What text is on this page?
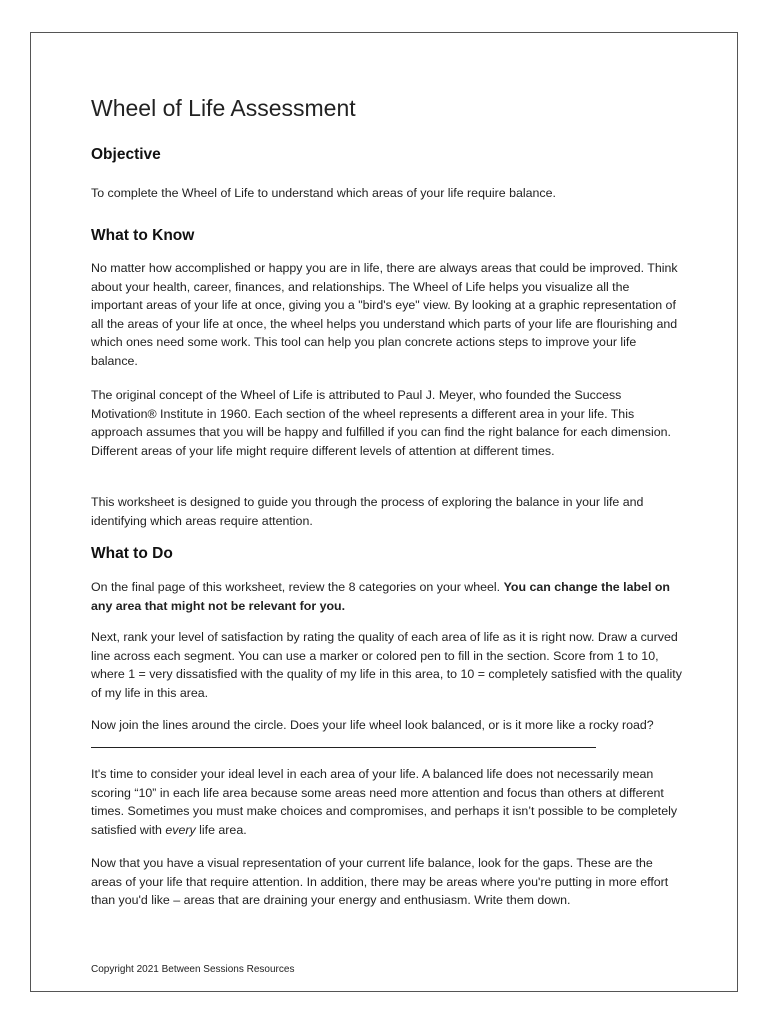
Wheel of Life Assessment
Objective

To complete the Wheel of Life to understand which areas of your life require balance.

What to Know

No matter how accomplished or happy you are in life, there are always areas that could be improved. Think about your health, career, finances, and relationships. The Wheel of Life helps you visualize all the important areas of your life at once, giving you a "bird's eye" view. By looking at a graphic representation of all the areas of your life at once, the wheel helps you understand which parts of your life are flourishing and which ones need some work. This tool can help you plan concrete actions steps to improve your life balance.

The original concept of the Wheel of Life is attributed to Paul J. Meyer, who founded the Success Motivation® Institute in 1960. Each section of the wheel represents a different area in your life. This approach assumes that you will be happy and fulfilled if you can find the right balance for each dimension. Different areas of your life might require different levels of attention at different times.

This worksheet is designed to guide you through the process of exploring the balance in your life and identifying which areas require attention.

What to Do

On the final page of this worksheet, review the 8 categories on your wheel. You can change the label on any area that might not be relevant for you.

Next, rank your level of satisfaction by rating the quality of each area of life as it is right now. Draw a curved line across each segment. You can use a marker or colored pen to fill in the section. Score from 1 to 10, where 1 = very dissatisfied with the quality of my life in this area, to 10 = completely satisfied with the quality of my life in this area.

Now join the lines around the circle. Does your life wheel look balanced, or is it more like a rocky road?

It's time to consider your ideal level in each area of your life. A balanced life does not necessarily mean scoring “10” in each life area because some areas need more attention and focus than others at different times. Sometimes you must make choices and compromises, and perhaps it isn’t possible to be completely satisfied with every life area.

Now that you have a visual representation of your current life balance, look for the gaps. These are the areas of your life that require attention. In addition, there may be areas where you're putting in more effort than you'd like – areas that are draining your energy and enthusiasm. Write them down.

Copyright 2021 Between Sessions Resources
